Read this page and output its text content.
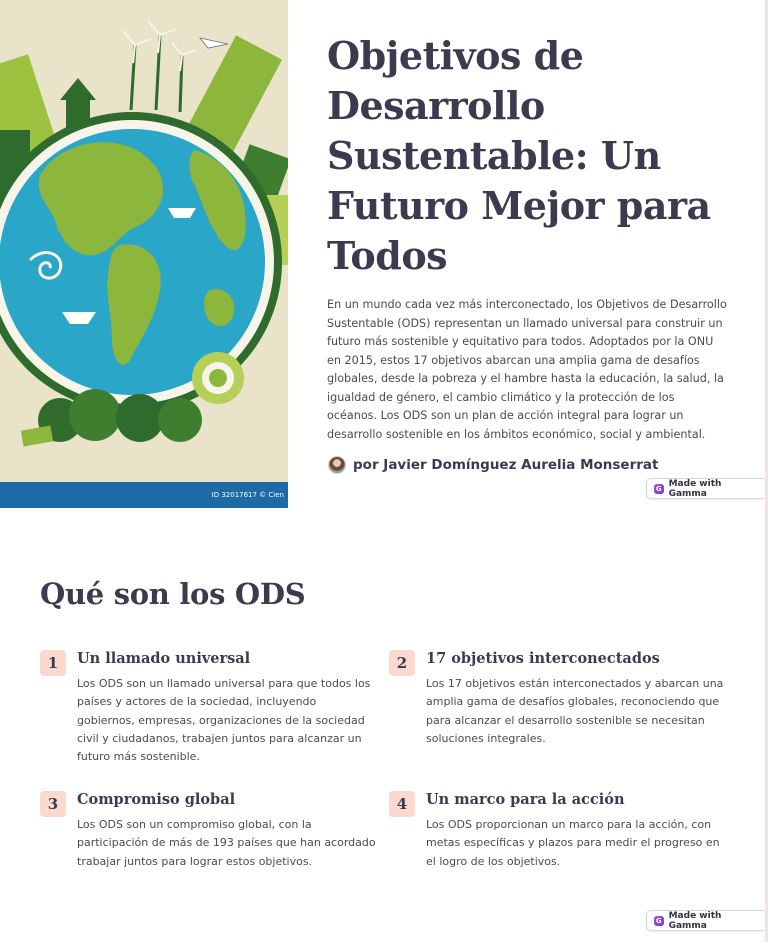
ID 32017617 © Cien
Objetivos de Desarrollo Sustentable: Un Futuro Mejor para Todos

En un mundo cada vez más interconectado, los Objetivos de Desarrollo Sustentable (ODS) representan un llamado universal para construir un futuro más sostenible y equitativo para todos. Adoptados por la ONU en 2015, estos 17 objetivos abarcan una amplia gama de desafíos globales, desde la pobreza y el hambre hasta la educación, la salud, la igualdad de género, el cambio climático y la protección de los océanos. Los ODS son un plan de acción integral para lograr un desarrollo sostenible en los ámbitos económico, social y ambiental.

por Javier Domínguez Aurelia Monserrat
G Made with Gamma
Qué son los ODS
1	Un llamado universal
Los ODS son un llamado universal para que todos los países y actores de la sociedad, incluyendo gobiernos, empresas, organizaciones de la sociedad civil y ciudadanos, trabajen juntos para alcanzar un futuro más sostenible.
2	17 objetivos interconectados
Los 17 objetivos están interconectados y abarcan una amplia gama de desafíos globales, reconociendo que para alcanzar el desarrollo sostenible se necesitan soluciones integrales.
3	Compromiso global
Los ODS son un compromiso global, con la participación de más de 193 países que han acordado trabajar juntos para lograr estos objetivos.
4	Un marco para la acción
Los ODS proporcionan un marco para la acción, con metas específicas y plazos para medir el progreso en el logro de los objetivos.
G Made with Gamma
